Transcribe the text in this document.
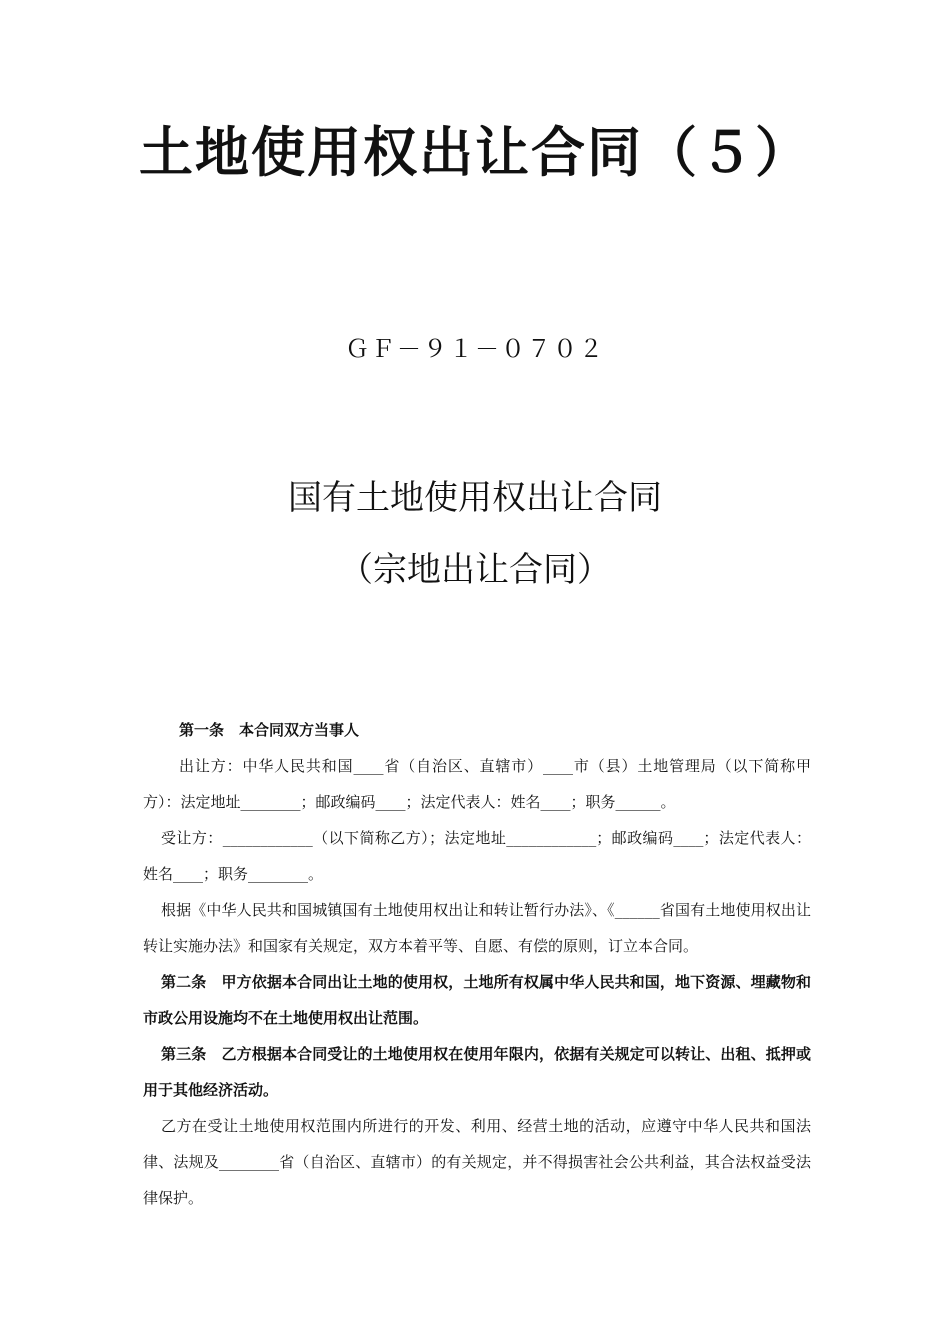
土地使用权出让合同（５）
ＧＦ－９１－０７０２
国有土地使用权出让合同
（宗地出让合同）

第一条　本合同双方当事人

出让方：中华人民共和国____省（自治区、直辖市）____市（县）土地管理局（以下简称甲方）：法定地址________；邮政编码____；法定代表人：姓名____；职务______。

受让方：____________（以下简称乙方）；法定地址____________；邮政编码____；法定代表人：姓名____；职务________。

根据《中华人民共和国城镇国有土地使用权出让和转让暂行办法》、《______省国有土地使用权出让转让实施办法》和国家有关规定，双方本着平等、自愿、有偿的原则，订立本合同。

第二条　甲方依据本合同出让土地的使用权，土地所有权属中华人民共和国，地下资源、埋藏物和市政公用设施均不在土地使用权出让范围。

第三条　乙方根据本合同受让的土地使用权在使用年限内，依据有关规定可以转让、出租、抵押或用于其他经济活动。

乙方在受让土地使用权范围内所进行的开发、利用、经营土地的活动，应遵守中华人民共和国法律、法规及________省（自治区、直辖市）的有关规定，并不得损害社会公共利益，其合法权益受法律保护。
